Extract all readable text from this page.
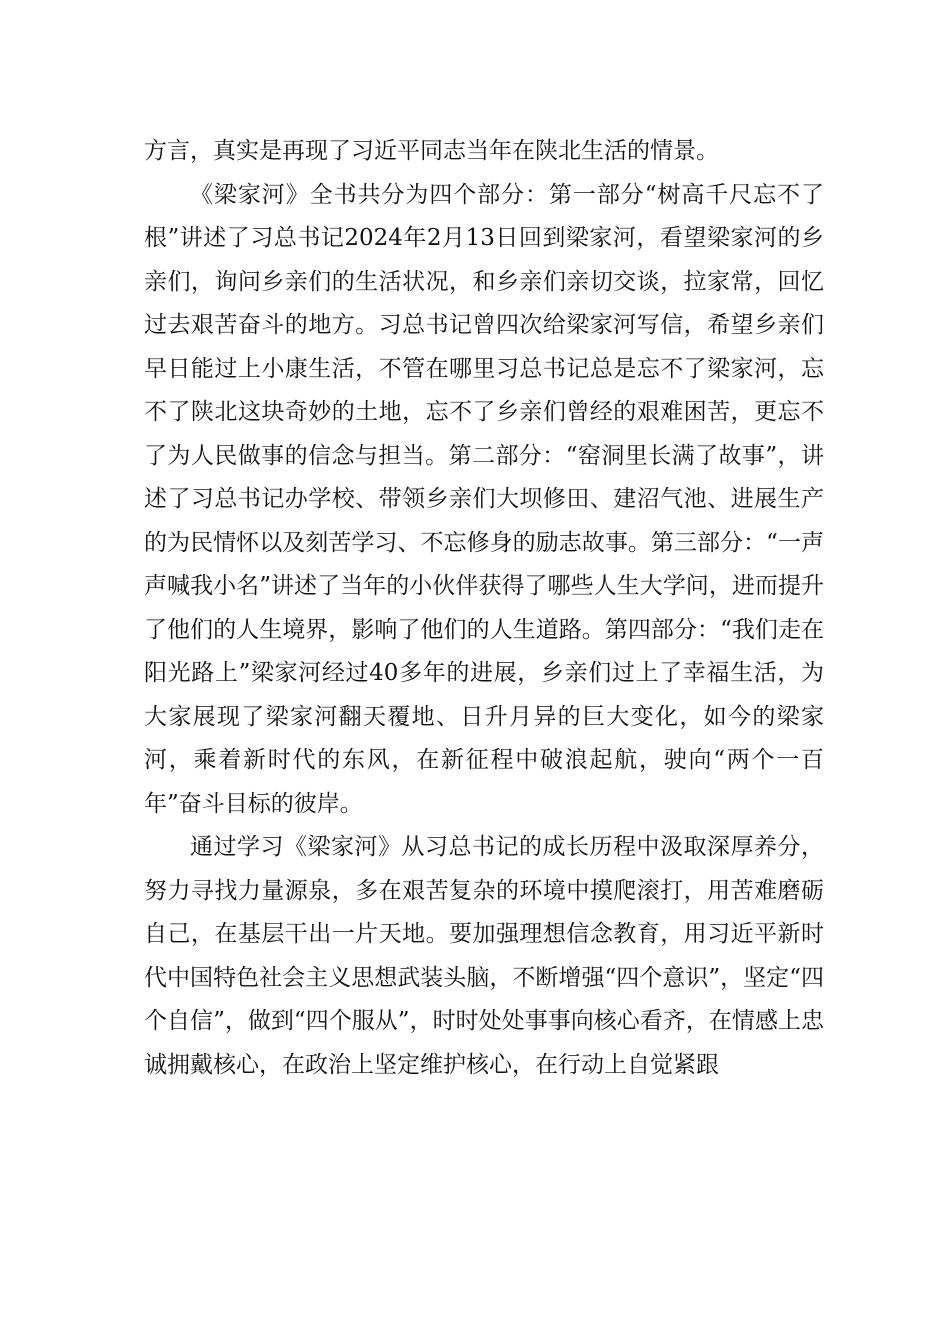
方言，真实是再现了习近平同志当年在陕北生活的情景。

《梁家河》全书共分为四个部分：第一部分“树高千尺忘不了根”讲述了习总书记2024年2月13日回到梁家河，看望梁家河的乡亲们，询问乡亲们的生活状况，和乡亲们亲切交谈，拉家常，回忆过去艰苦奋斗的地方。习总书记曾四次给梁家河写信，希望乡亲们早日能过上小康生活，不管在哪里习总书记总是忘不了梁家河，忘不了陕北这块奇妙的土地，忘不了乡亲们曾经的艰难困苦，更忘不了为人民做事的信念与担当。第二部分：“窑洞里长满了故事”，讲述了习总书记办学校、带领乡亲们大坝修田、建沼气池、进展生产的为民情怀以及刻苦学习、不忘修身的励志故事。第三部分：“一声声喊我小名”讲述了当年的小伙伴获得了哪些人生大学问，进而提升了他们的人生境界，影响了他们的人生道路。第四部分：“我们走在阳光路上”梁家河经过40多年的进展，乡亲们过上了幸福生活，为大家展现了梁家河翻天覆地、日升月异的巨大变化，如今的梁家河，乘着新时代的东风，在新征程中破浪起航，驶向“两个一百年”奋斗目标的彼岸。

通过学习《梁家河》从习总书记的成长历程中汲取深厚养分，努力寻找力量源泉，多在艰苦复杂的环境中摸爬滚打，用苦难磨砺自己，在基层干出一片天地。要加强理想信念教育，用习近平新时代中国特色社会主义思想武装头脑，不断增强“四个意识”，坚定“四个自信”，做到“四个服从”，时时处处事事向核心看齐，在情感上忠诚拥戴核心，在政治上坚定维护核心，在行动上自觉紧跟
